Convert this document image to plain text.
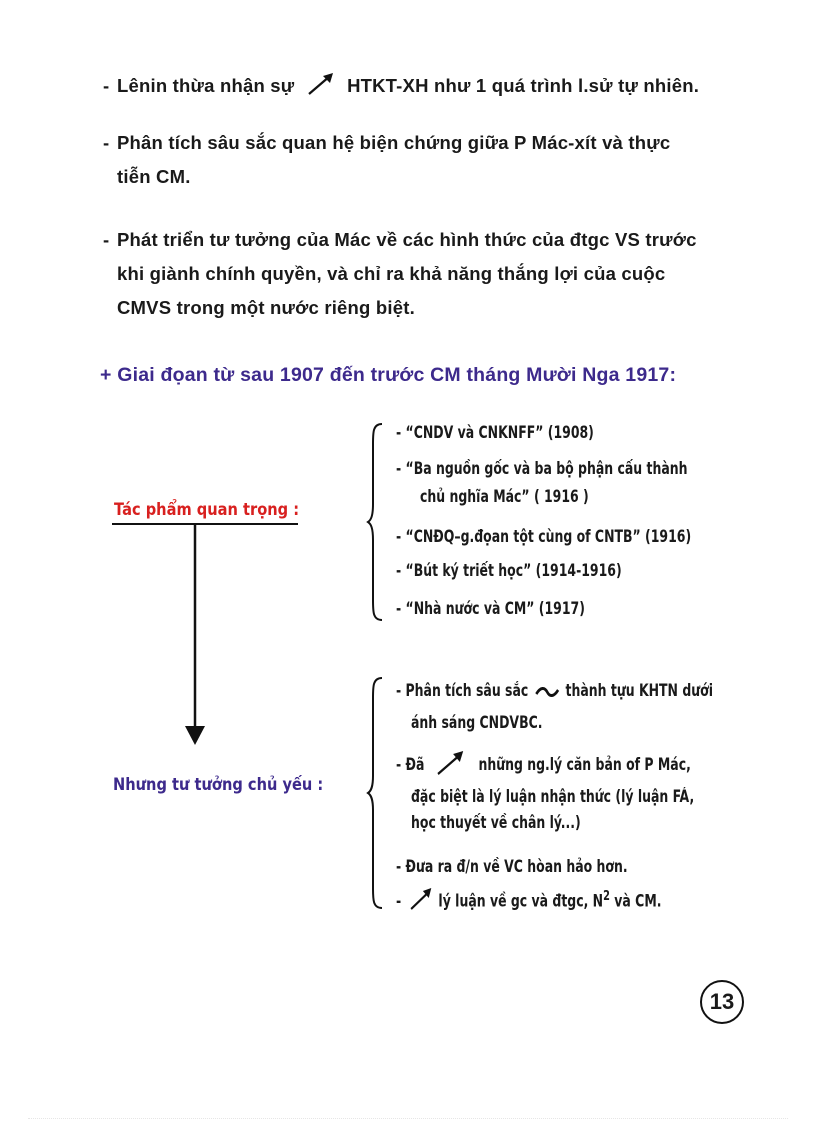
- Lênin thừa nhận sự	HTKT-XH như 1 quá trình l.sử tự nhiên.
- Phân tích sâu sắc quan hệ biện chứng giữa P Mác-xít và thực
tiễn CM.
- Phát triển tư tưởng của Mác về các hình thức của đtgc VS trước
khi giành chính quyền, và chỉ ra khả năng thắng lợi của cuộc
CMVS trong một nước riêng biệt.
+ Giai đọan từ sau 1907 đến trước CM tháng Mười Nga 1917:
Tác phẩm quan trọng :
Nhưng tư tưởng chủ yếu :
- “CNDV và CNKNFF” (1908)
- “Ba nguồn gốc và ba bộ phận cấu thành
chủ nghĩa Mác” ( 1916 )
- “CNĐQ–g.đọan tột cùng of CNTB” (1916)
- “Bút ký triết học” (1914-1916)
- “Nhà nước và CM” (1917)
- Phân tích sâu sắc thành tựu KHTN dưới
ánh sáng CNDVBC.
- Đã	những ng.lý căn bản of P Mác,
đặc biệt là lý luận nhận thức (lý luận FÁ,
học thuyết về chân lý...)
- Đưa ra đ/n về VC hòan hảo hơn.
- lý luận về gc và đtgc, $N^2$ và CM.
13
